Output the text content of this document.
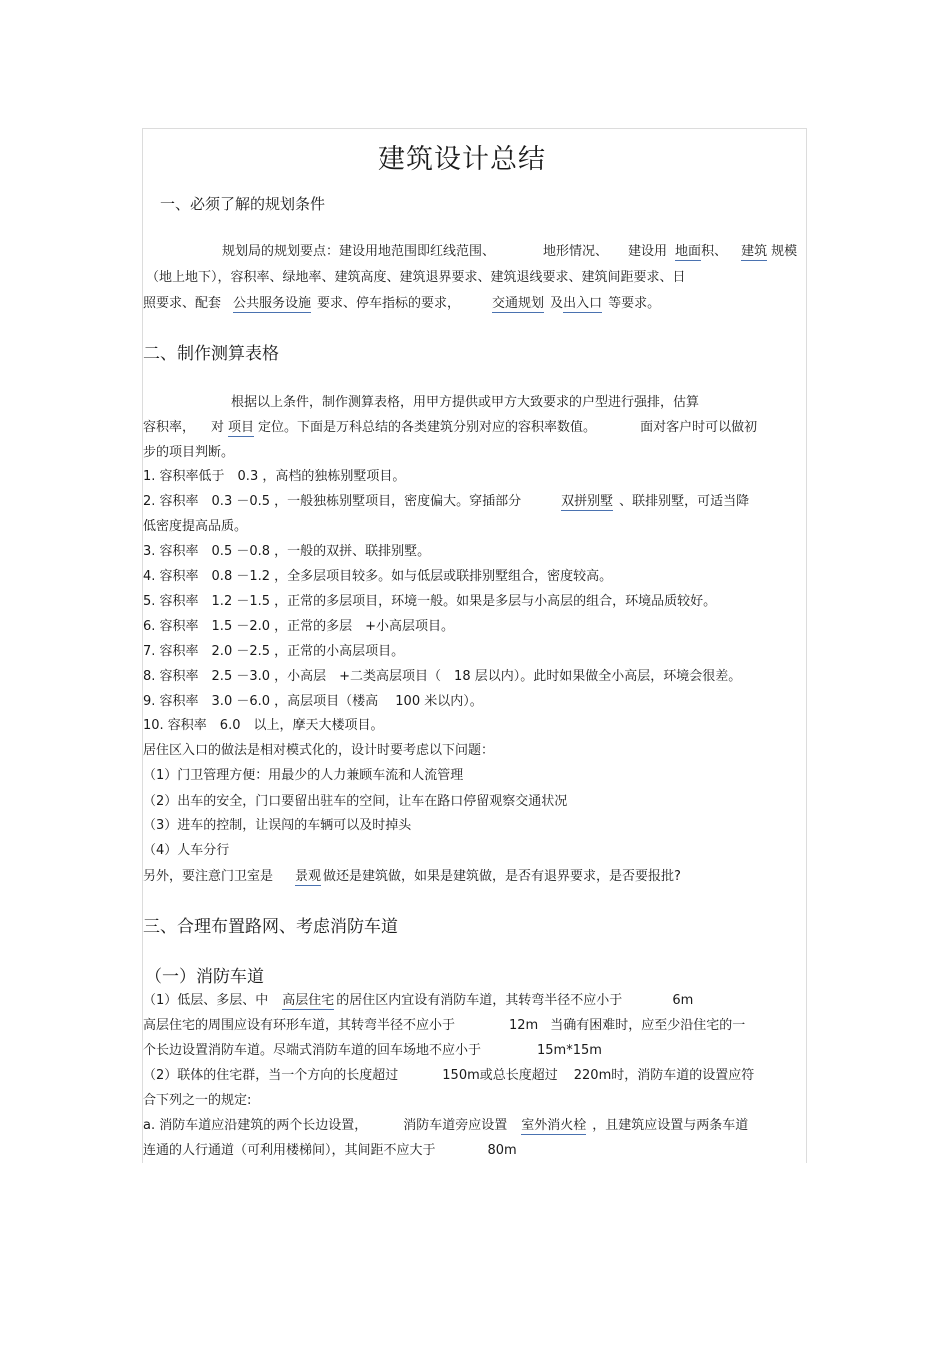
建筑设计总结
一、必须了解的规划条件
规划局的规划要点：建设用地范围即红线范围、	地形情况、 建设用 地面积、 建筑 规模
（地上地下），容积率、绿地率、建筑高度、建筑退界要求、建筑退线要求、建筑间距要求、日
照要求、配套 公共服务设施 要求、停车指标的要求， 交通规划 及出入口 等要求。
二、制作测算表格
根据以上条件，制作测算表格，用甲方提供或甲方大致要求的户型进行强排，估算
容积率， 对 项目 定位。下面是万科总结的各类建筑分别对应的容积率数值。	面对客户时可以做初
步的项目判断。
1. 容积率低于　0.3 ，高档的独栋别墅项目。
2. 容积率　0.3 －0.5 ，一般独栋别墅项目，密度偏大。穿插部分	双拼别墅 、联排别墅，可适当降
低密度提高品质。
3. 容积率　0.5 －0.8 ，一般的双拼、联排别墅。
4. 容积率　0.8 －1.2 ，全多层项目较多。如与低层或联排别墅组合，密度较高。
5. 容积率　1.2 －1.5 ，正常的多层项目，环境一般。如果是多层与小高层的组合，环境品质较好。
6. 容积率　1.5 －2.0 ，正常的多层　+小高层项目。
7. 容积率　2.0 －2.5 ，正常的小高层项目。
8. 容积率　2.5 －3.0 ，小高层　+二类高层项目（　18 层以内）。此时如果做全小高层，环境会很差。
9. 容积率　3.0 －6.0 ，高层项目（楼高　 100 米以内）。
10. 容积率　6.0　以上，摩天大楼项目。
居住区入口的做法是相对模式化的，设计时要考虑以下问题：
（1）门卫管理方便：用最少的人力兼顾车流和人流管理
（2）出车的安全，门口要留出驻车的空间，让车在路口停留观察交通状况
（3）进车的控制，让误闯的车辆可以及时掉头
（4）人车分行
另外，要注意门卫室是 景观 做还是建筑做，如果是建筑做，是否有退界要求，是否要报批?
三、合理布置路网、考虑消防车道
（一）消防车道
（1）低层、多层、中 高层住宅 的居住区内宜设有消防车道，其转弯半径不应小于	6m
高层住宅的周围应设有环形车道，其转弯半径不应小于	12m 当确有困难时，应至少沿住宅的一
个长边设置消防车道。尽端式消防车道的回车场地不应小于	15m*15m
（2）联体的住宅群，当一个方向的长度超过	150m或总长度超过 220m时，消防车道的设置应符
合下列之一的规定:
a. 消防车道应沿建筑的两个长边设置，	消防车道旁应设置 室外消火栓 ，且建筑应设置与两条车道
连通的人行通道（可利用楼梯间），其间距不应大于	80m
